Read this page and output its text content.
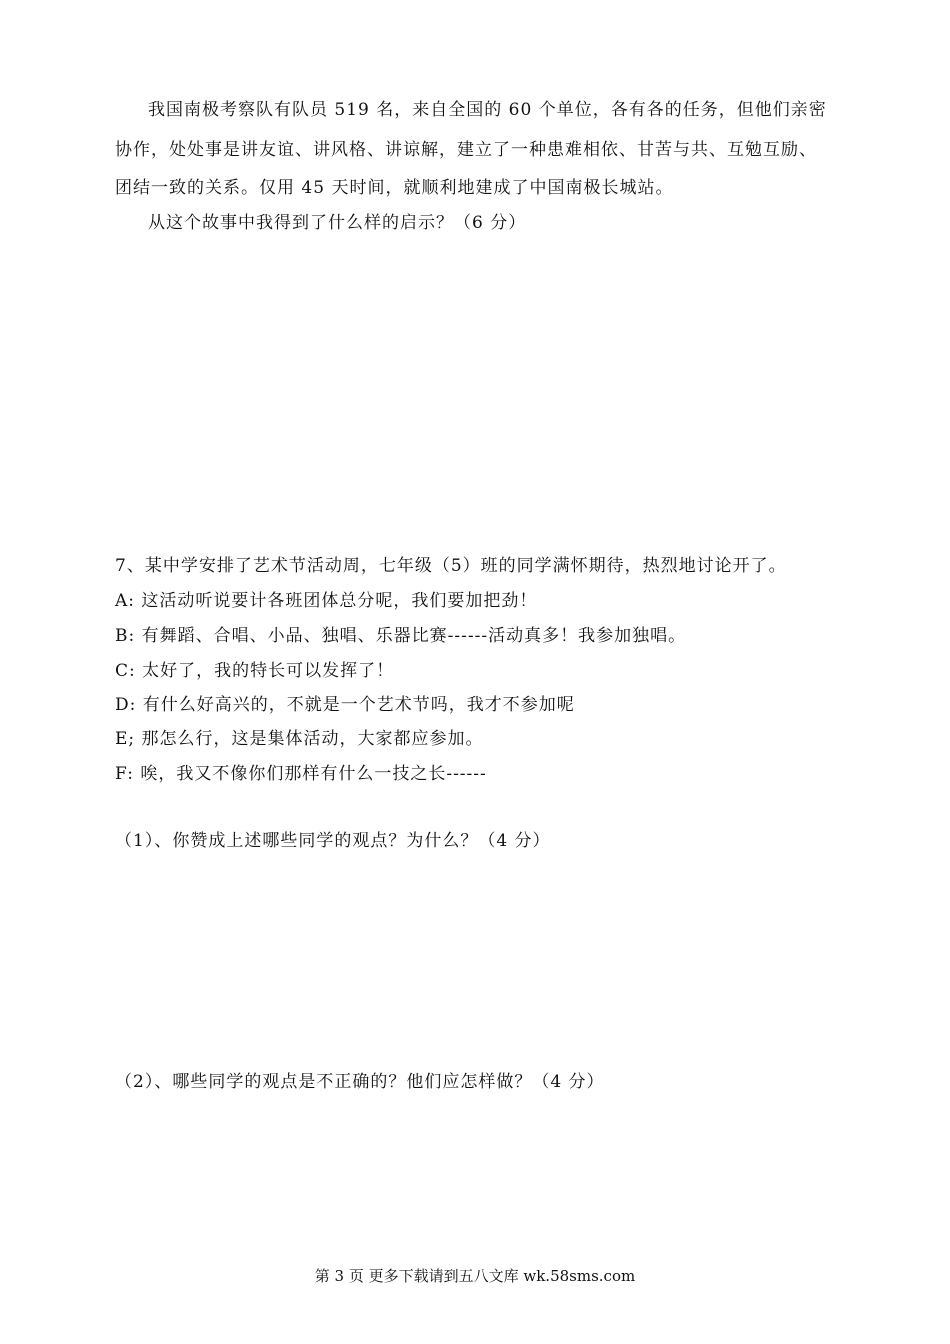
我国南极考察队有队员 519 名，来自全国的 60 个单位，各有各的任务，但他们亲密
协作，处处事是讲友谊、讲风格、讲谅解，建立了一种患难相依、甘苦与共、互勉互励、
团结一致的关系。仅用 45 天时间，就顺利地建成了中国南极长城站。
从这个故事中我得到了什么样的启示？（6 分）
7、某中学安排了艺术节活动周，七年级（5）班的同学满怀期待，热烈地讨论开了。
A: 这活动听说要计各班团体总分呢，我们要加把劲！
B: 有舞蹈、合唱、小品、独唱、乐器比赛------活动真多！我参加独唱。
C: 太好了，我的特长可以发挥了！
D: 有什么好高兴的，不就是一个艺术节吗，我才不参加呢
E; 那怎么行，这是集体活动，大家都应参加。
F: 唉，我又不像你们那样有什么一技之长------
（1）、你赞成上述哪些同学的观点？为什么？（4 分）
（2）、哪些同学的观点是不正确的？他们应怎样做？（4 分）
第 3 页 更多下载请到五八文库 wk.58sms.com
